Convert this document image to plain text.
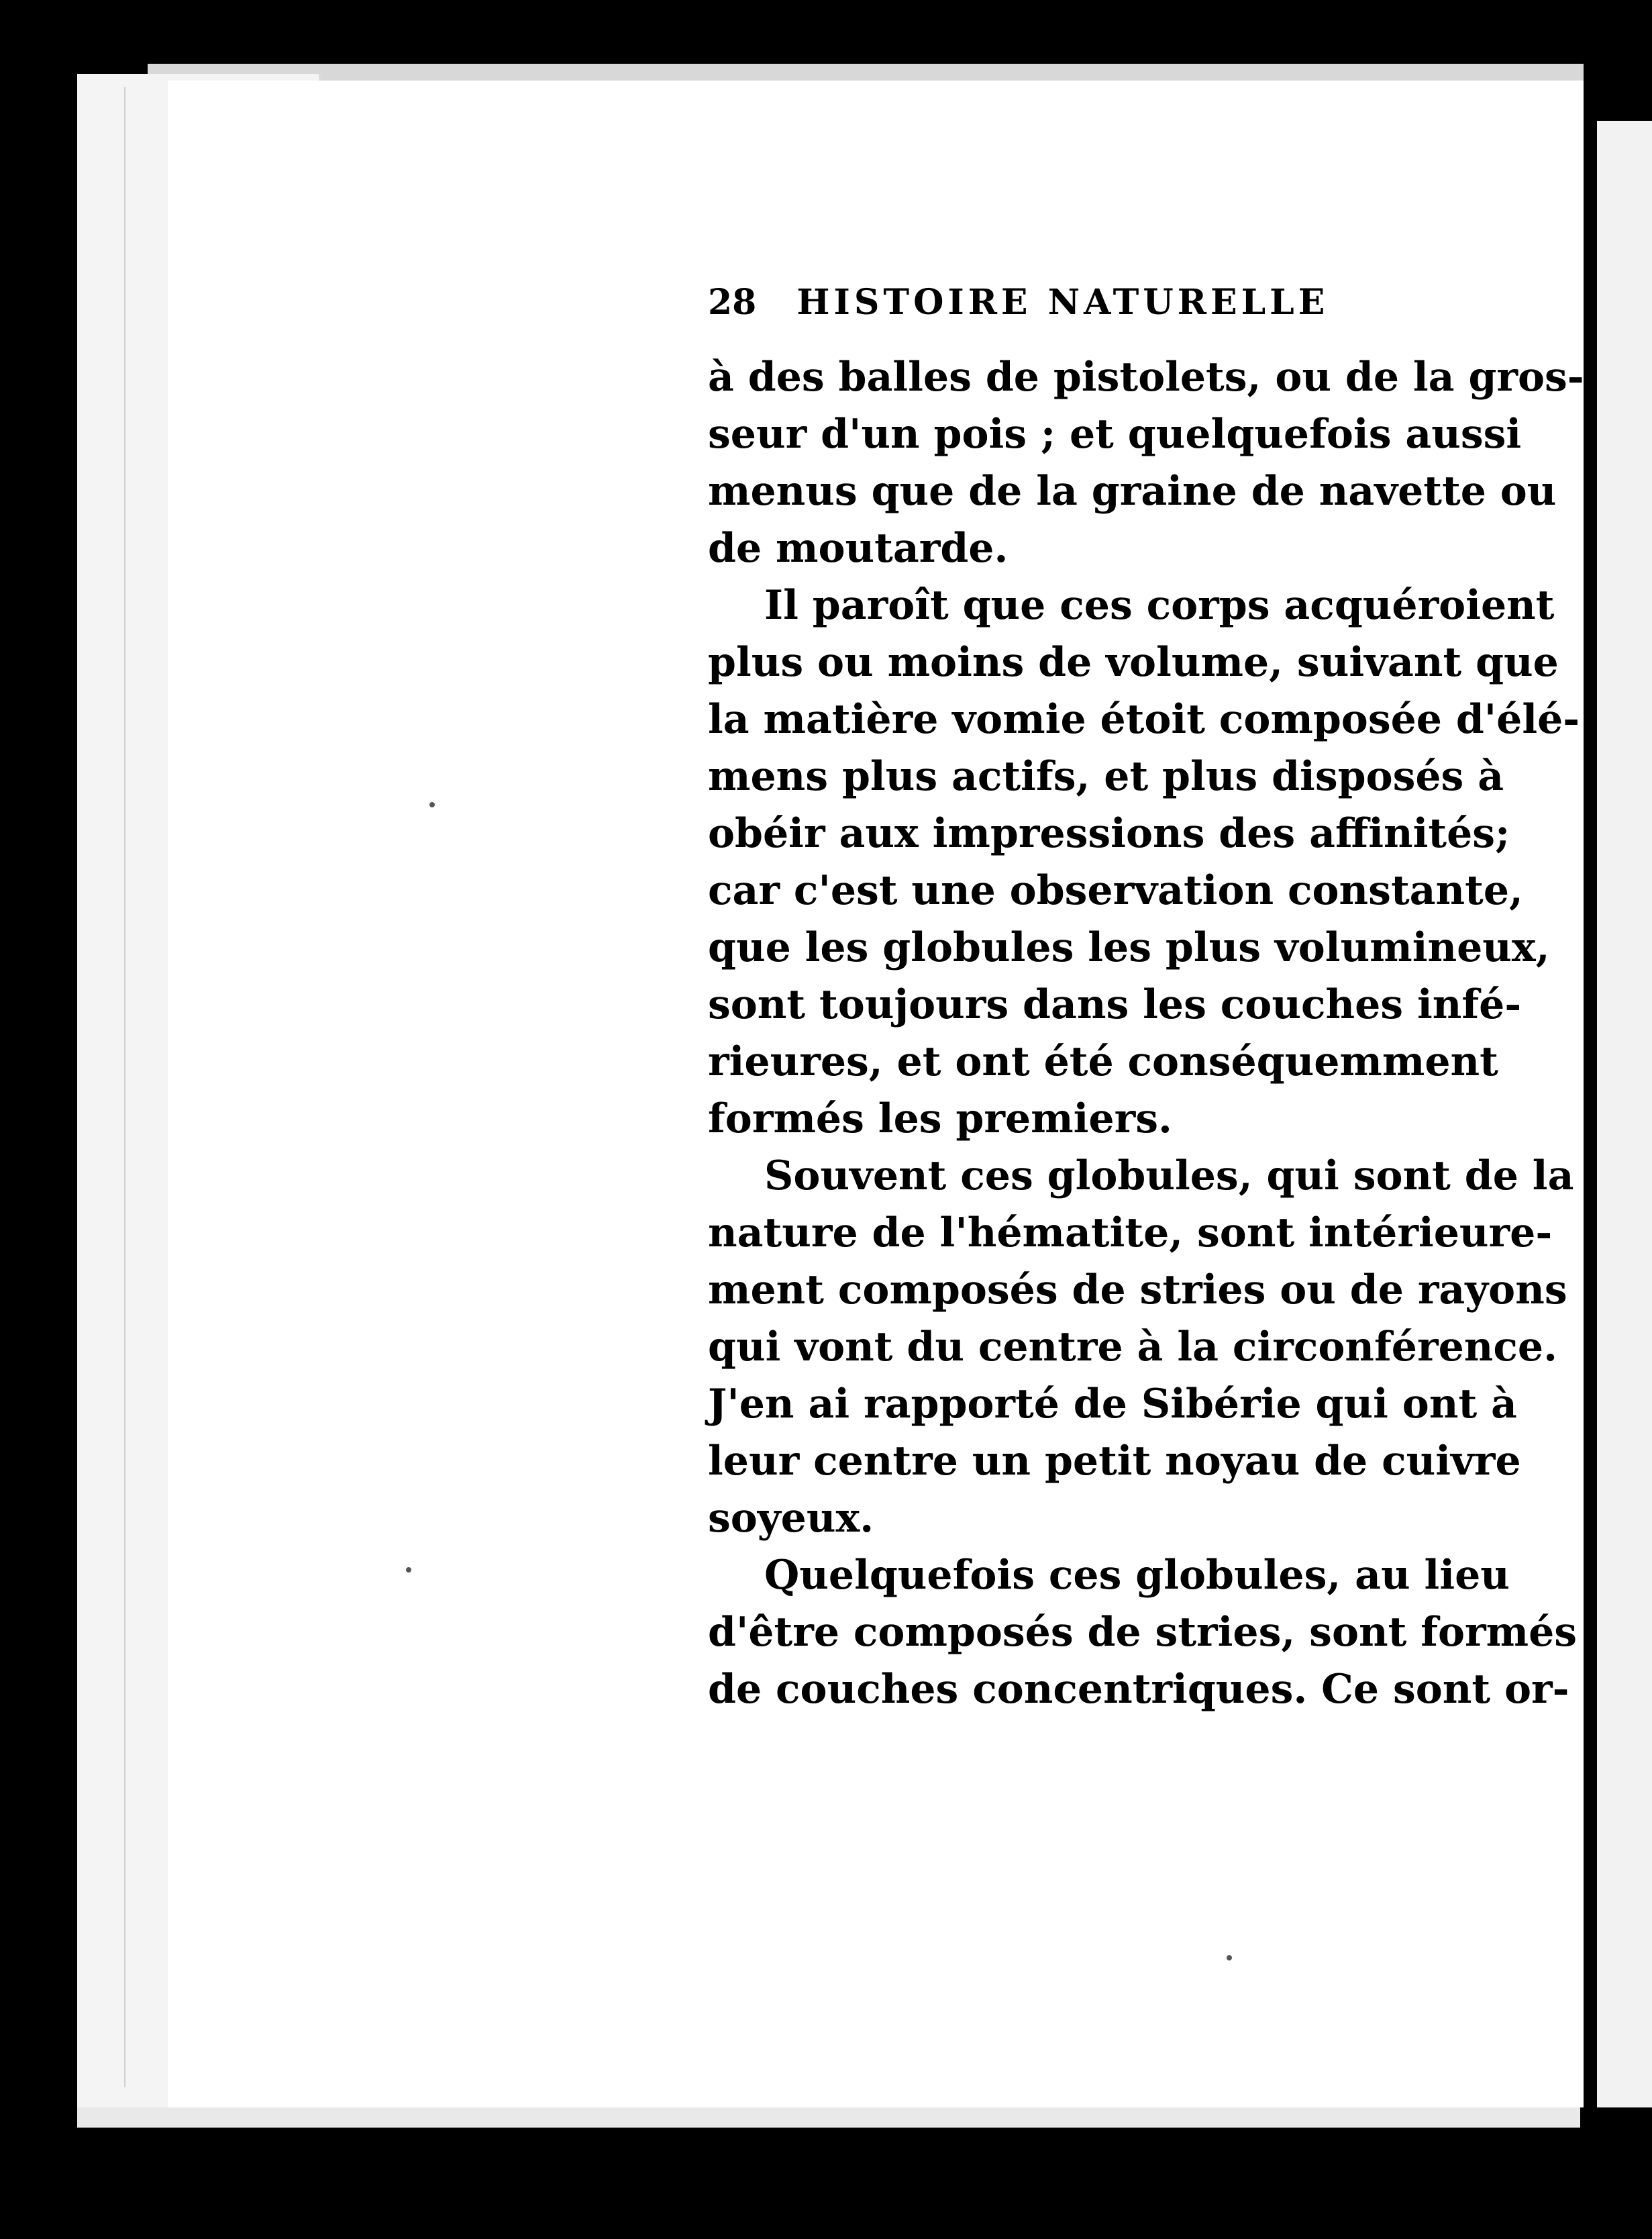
28 HISTOIRE NATURELLE
à des balles de pistolets, ou de la gros-
seur d'un pois ; et quelquefois aussi
menus que de la graine de navette ou
de moutarde.
Il paroît que ces corps acquéroient
plus ou moins de volume, suivant que
la matière vomie étoit composée d'élé-
mens plus actifs, et plus disposés à
obéir aux impressions des affinités;
car c'est une observation constante,
que les globules les plus volumineux,
sont toujours dans les couches infé-
rieures, et ont été conséquemment
formés les premiers.
Souvent ces globules, qui sont de la
nature de l'hématite, sont intérieure-
ment composés de stries ou de rayons
qui vont du centre à la circonférence.
J'en ai rapporté de Sibérie qui ont à
leur centre un petit noyau de cuivre
soyeux.
Quelquefois ces globules, au lieu
d'être composés de stries, sont formés
de couches concentriques. Ce sont or-
